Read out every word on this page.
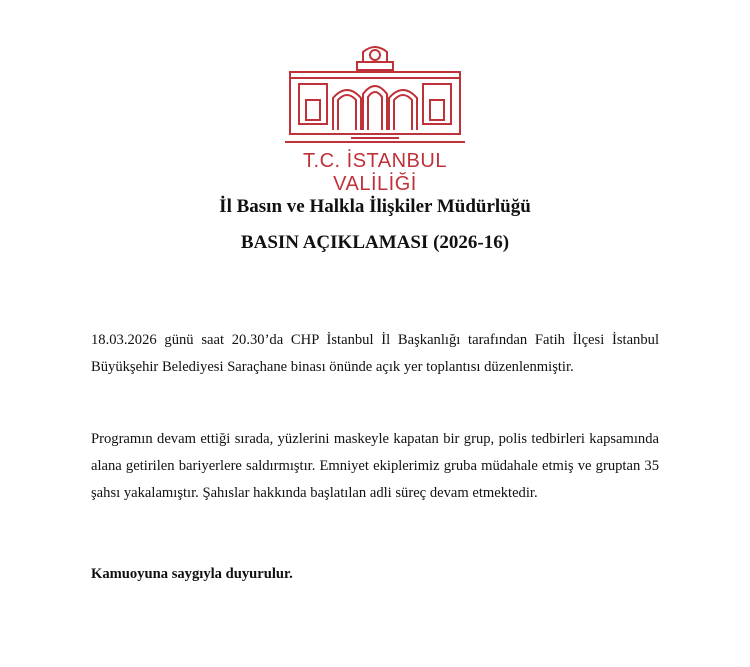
T.C. İSTANBUL VALİLİĞİ
İl Basın ve Halkla İlişkiler Müdürlüğü
BASIN AÇIKLAMASI (2026-16)
18.03.2026 günü saat 20.30’da CHP İstanbul İl Başkanlığı tarafından Fatih İlçesi İstanbul Büyükşehir Belediyesi Saraçhane binası önünde açık yer toplantısı düzenlenmiştir.
Programın devam ettiği sırada, yüzlerini maskeyle kapatan bir grup, polis tedbirleri kapsamında alana getirilen bariyerlere saldırmıştır. Emniyet ekiplerimiz gruba müdahale etmiş ve gruptan 35 şahsı yakalamıştır. Şahıslar hakkında başlatılan adli süreç devam etmektedir.
Kamuoyuna saygıyla duyurulur.
